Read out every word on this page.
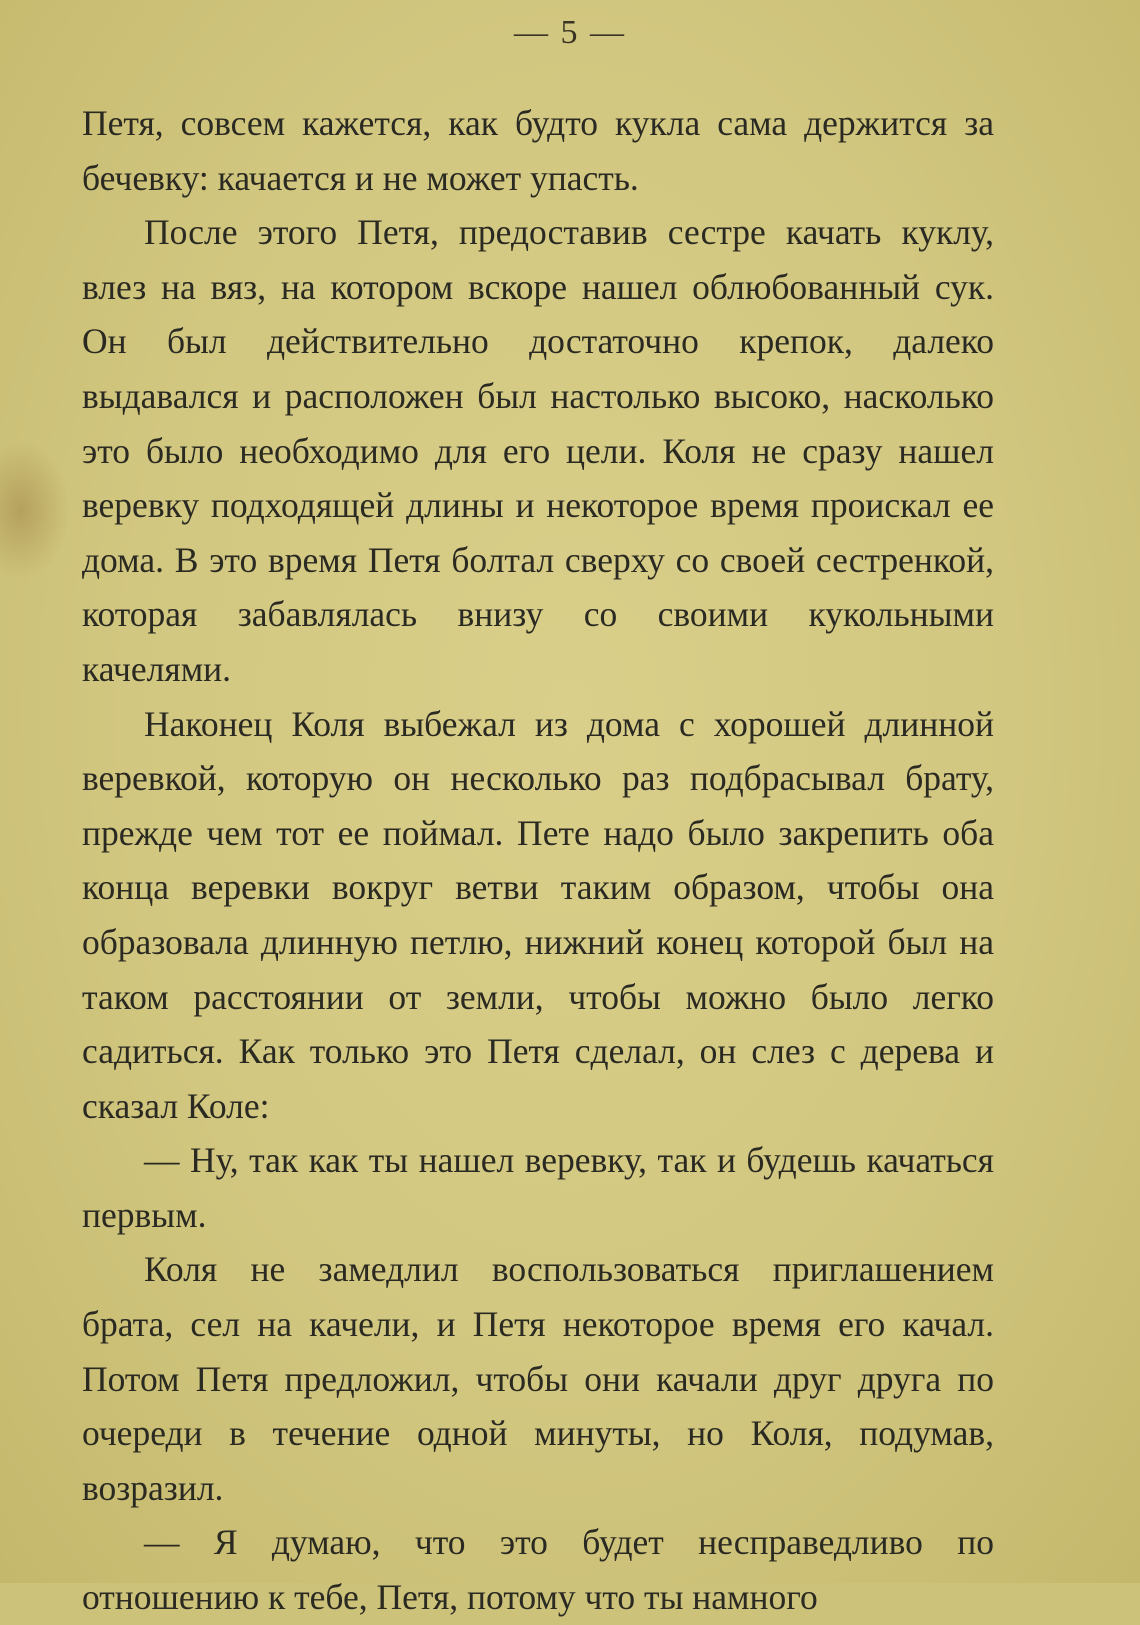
— 5 —

Петя, совсем кажется, как будто кукла сама держится за бечевку: качается и не может упасть.

После этого Петя, предоставив сестре качать куклу, влез на вяз, на котором вскоре нашел облюбованный сук. Он был действительно достаточно крепок, далеко выдавался и расположен был настолько высоко, насколько это было необходимо для его цели. Коля не сразу нашел веревку подходящей длины и некоторое время проискал ее дома. В это время Петя болтал сверху со своей сестренкой, которая забавлялась внизу со своими кукольными качелями.

Наконец Коля выбежал из дома с хорошей длинной веревкой, которую он несколько раз подбрасывал брату, прежде чем тот ее поймал. Пете надо было закрепить оба конца веревки вокруг ветви таким образом, чтобы она образовала длинную петлю, нижний конец которой был на таком расстоянии от земли, чтобы можно было легко садиться. Как только это Петя сделал, он слез с дерева и сказал Коле:

— Ну, так как ты нашел веревку, так и будешь качаться первым.

Коля не замедлил воспользоваться приглашением брата, сел на качели, и Петя некоторое время его качал. Потом Петя предложил, чтобы они качали друг друга по очереди в течение одной минуты, но Коля, подумав, возразил.

— Я думаю, что это будет несправедливо по отношению к тебе, Петя, потому что ты намного
